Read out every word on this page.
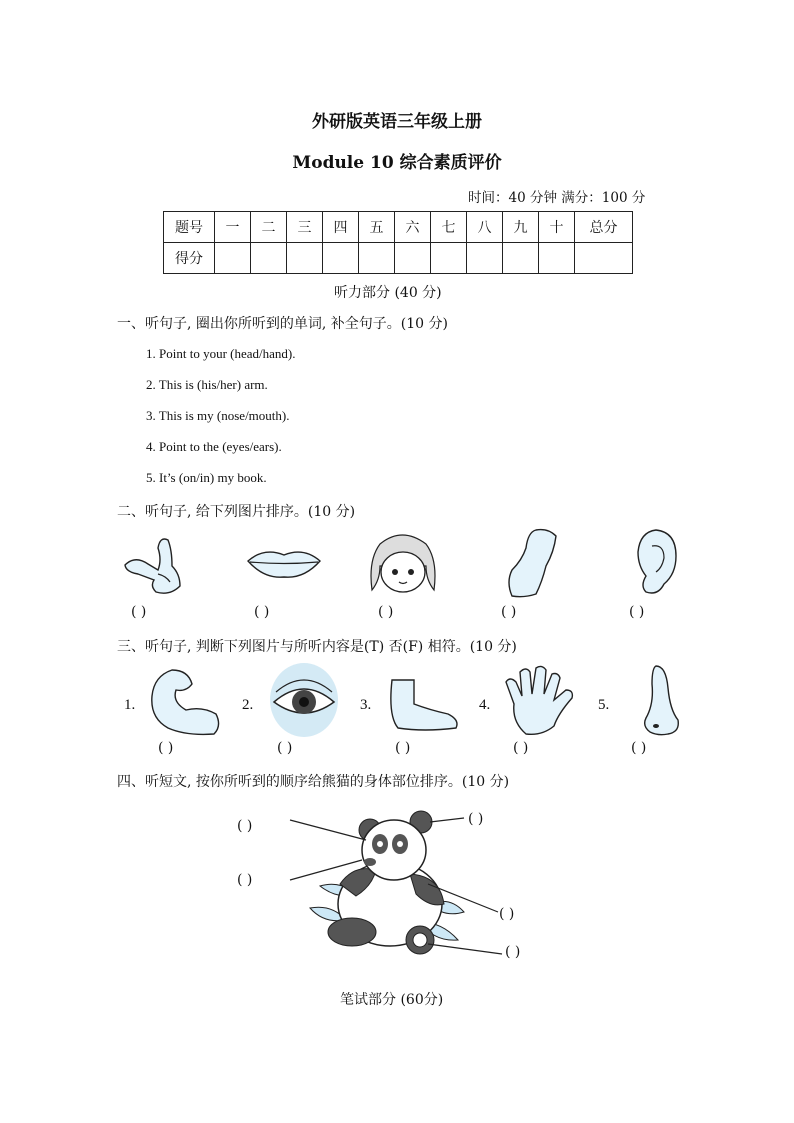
外研版英语三年级上册
Module 10 综合素质评价
时间：40 分钟 满分：100 分
题号	一	二	三	四	五	六	七	八	九	十	总分
得分											
听力部分 (40 分)
一、听句子, 圈出你所听到的单词, 补全句子。(10 分)
1. Point to your (head/hand).
2. This is (his/her) arm.
3. This is my (nose/mouth).
4. Point to the (eyes/ears).
5. It’s (on/in) my book.
二、听句子, 给下列图片排序。(10 分)
( )	( )	( )	( )	( )
三、听句子, 判断下列图片与所听内容是(T) 否(F) 相符。(10 分)
1.	2.	3.	4.	5.
( )	( )	( )	( )	( )
四、听短文, 按你所听到的顺序给熊猫的身体部位排序。(10 分)
( )
( )
( )
( )
( )
笔试部分 (60分)
